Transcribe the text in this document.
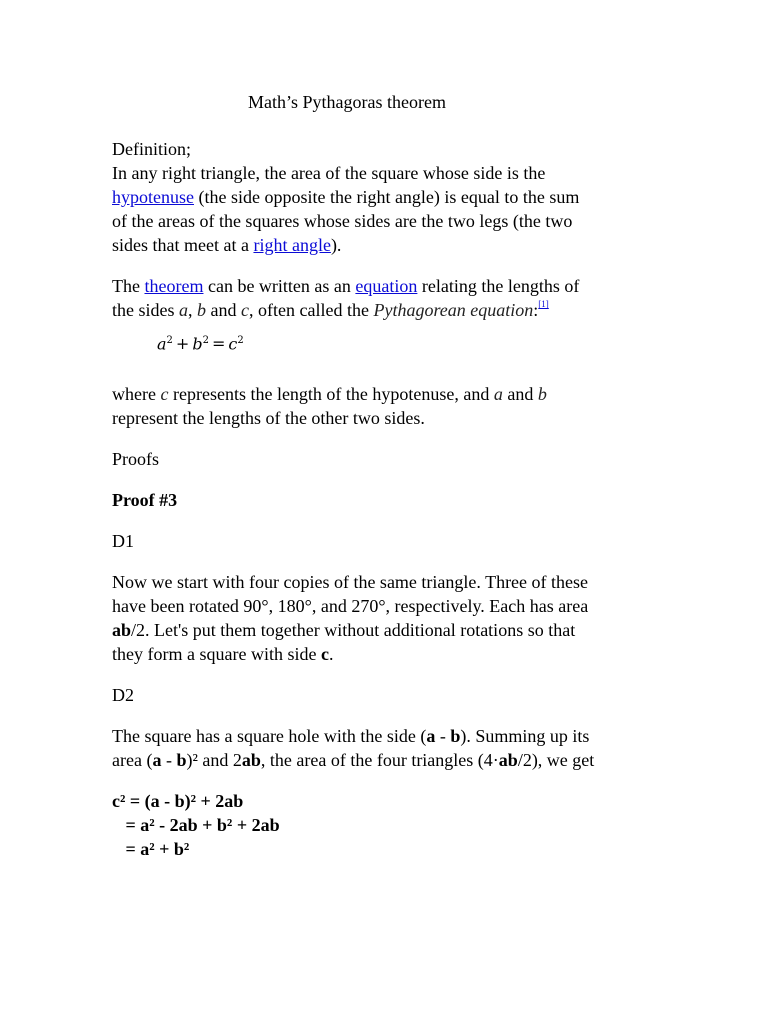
Math’s Pythagoras theorem

Definition;
In any right triangle, the area of the square whose side is the
hypotenuse (the side opposite the right angle) is equal to the sum
of the areas of the squares whose sides are the two legs (the two
sides that meet at a right angle).
The theorem can be written as an equation relating the lengths of
the sides a, b and c, often called the Pythagorean equation:[1]
$a^2 + b^2 = c^2$
where c represents the length of the hypotenuse, and a and b
represent the lengths of the other two sides.

Proofs

Proof #3

D1

Now we start with four copies of the same triangle. Three of these
have been rotated 90°, 180°, and 270°, respectively. Each has area
ab/2. Let's put them together without additional rotations so that
they form a square with side c.

D2

The square has a square hole with the side (a - b). Summing up its
area (a - b)² and 2ab, the area of the four triangles (4·ab/2), we get
c² = (a - b)² + 2ab
= a² - 2ab + b² + 2ab
= a² + b²
